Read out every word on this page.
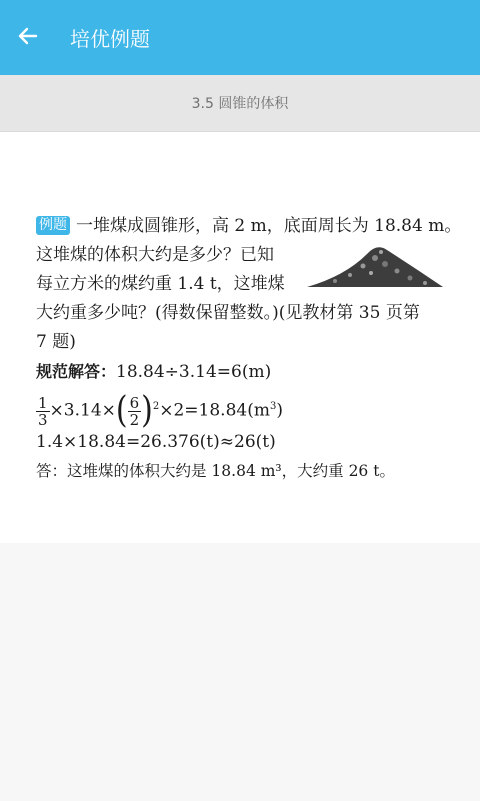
培优例题
3.5 圆锥的体积
例题 一堆煤成圆锥形，高 2 m，底面周长为 18.84 m。
这堆煤的体积大约是多少？已知
每立方米的煤约重 1.4 t，这堆煤
大约重多少吨？(得数保留整数。)(见教材第 35 页第
7 题)
规范解答：18.84÷3.14=6(m)
$\frac{1}{3} \times 3.14\times( \frac{6}{2} )^2\times 2=18.84(m^3)$
1.4×18.84=26.376(t)≈26(t)
答：这堆煤的体积大约是 18.84 m³，大约重 26 t。
